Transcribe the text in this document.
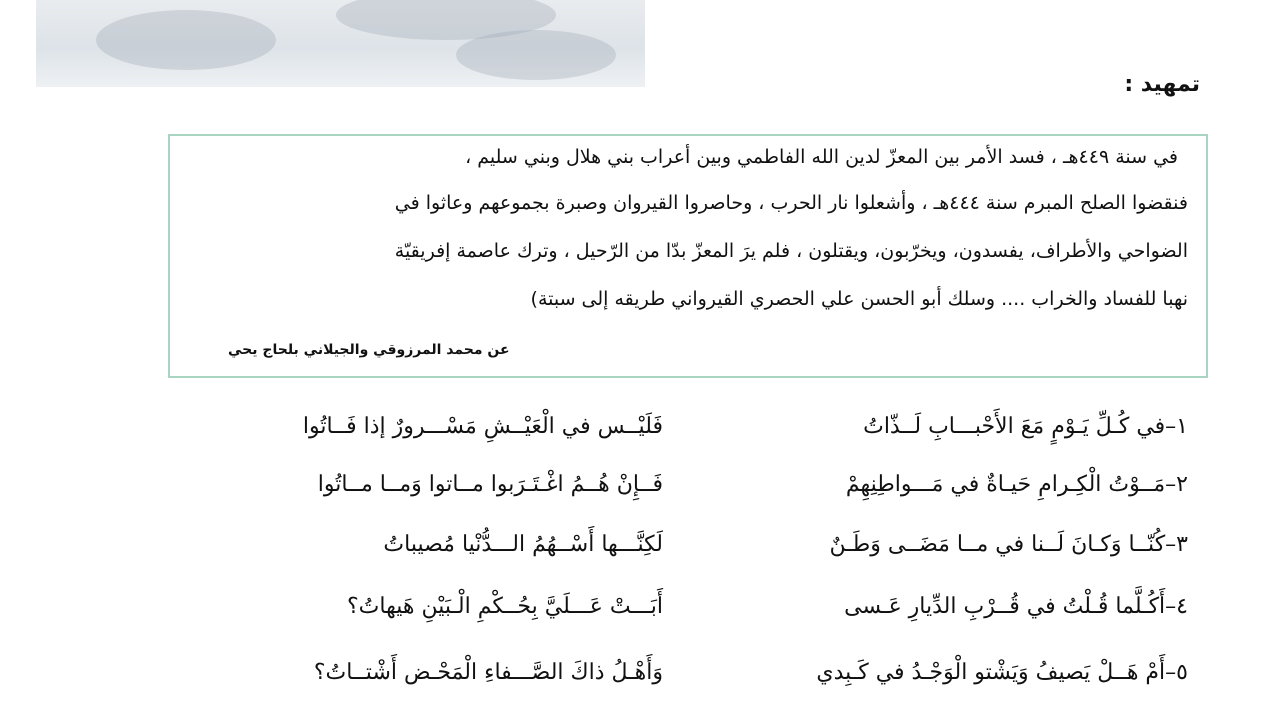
تمهيد :
في سنة ٤٤٩هـ ، فسد الأمر بين المعزّ لدين الله الفاطمي وبين أعراب بني هلال وبني سليم ،
فنقضوا الصلح المبرم سنة ٤٤٤هـ ، وأشعلوا نار الحرب ، وحاصروا القيروان وصبرة بجموعهم وعاثوا في
الضواحي والأطراف، يفسدون، ويخرّبون، ويقتلون ، فلم يرَ المعزّ بدّا من الرّحيل ، وترك عاصمة إفريقيّة
نهبا للفساد والخراب .... وسلك أبو الحسن علي الحصري القيرواني طريقه إلى سبتة)
عن محمد المرزوقي والجيلاني بلحاج يحي
١–في كُـلِّ يَـوْمٍ مَعَ الأَحْبـــابِ لَــذّاتُ
فَلَيْــس في الْعَيْــشِ مَسْـــرورٌ إذا فَــاتُوا
٢–مَــوْتُ الْكِـرامِ حَيـاةٌ في مَـــواطِنِهِمْ
فَــإِنْ هُــمُ اغْـتَـرَبوا مــاتوا وَمــا مــاتُوا
٣–كُنّــا وَكـانَ لَــنا في مــا مَضَــى وَطَـنٌ
لَكِنَّـــها أَسْــهُمُ الـــدُّنْيا مُصيباتُ
٤–أَكُـلَّما قُـلْتُ في قُــرْبِ الدِّيارِ عَـسى
أَبَـــتْ عَـــلَيَّ بِحُــكْمِ الْـبَيْنِ هَيهاتُ؟
٥–أَمْ هَــلْ يَصيفُ وَيَشْتو الْوَجْـدُ في كَـبِدي
وَأَهْـلُ ذاكَ الصَّـــفاءِ الْمَحْـض أَشْتــاتُ؟
